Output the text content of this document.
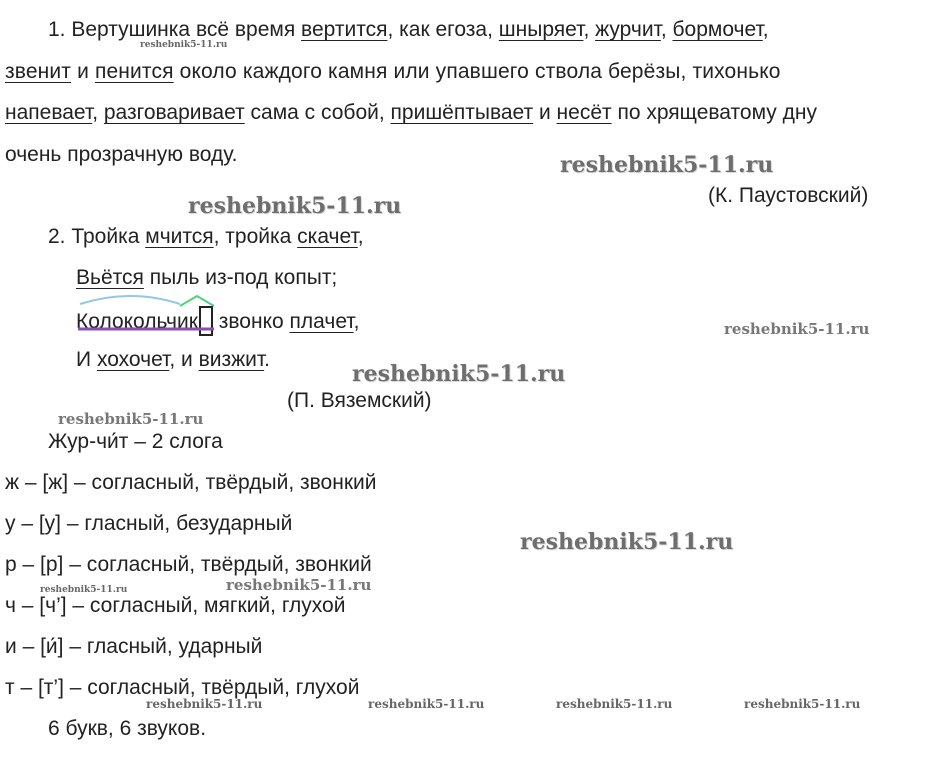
1. Вертушинка всё время вертится, как егоза, шныряет, журчит, бормочет,
звенит и пенится около каждого камня или упавшего ствола берёзы, тихонько
напевает, разговаривает сама с собой, пришёптывает и несёт по хрящеватому дну
очень прозрачную воду.
(К. Паустовский)
2. Тройка мчится, тройка скачет,
Вьётся пыль из-под копыт;
Колокольчик звонко плачет,
И хохочет, и визжит.
(П. Вяземский)
Жур-чи́т – 2 слога
ж – [ж] – согласный, твёрдый, звонкий
у – [у] – гласный, безударный
р – [р] – согласный, твёрдый, звонкий
ч – [ч’] – согласный, мягкий, глухой
и – [и́] – гласный, ударный
т – [т’] – согласный, твёрдый, глухой
6 букв, 6 звуков.
reshebnik5-11.ru
reshebnik5-11.ru
reshebnik5-11.ru
reshebnik5-11.ru
reshebnik5-11.ru
reshebnik5-11.ru
reshebnik5-11.ru
reshebnik5-11.ru
reshebnik5-11.ru
reshebnik5-11.ru	reshebnik5-11.ru	reshebnik5-11.ru	reshebnik5-11.ru
